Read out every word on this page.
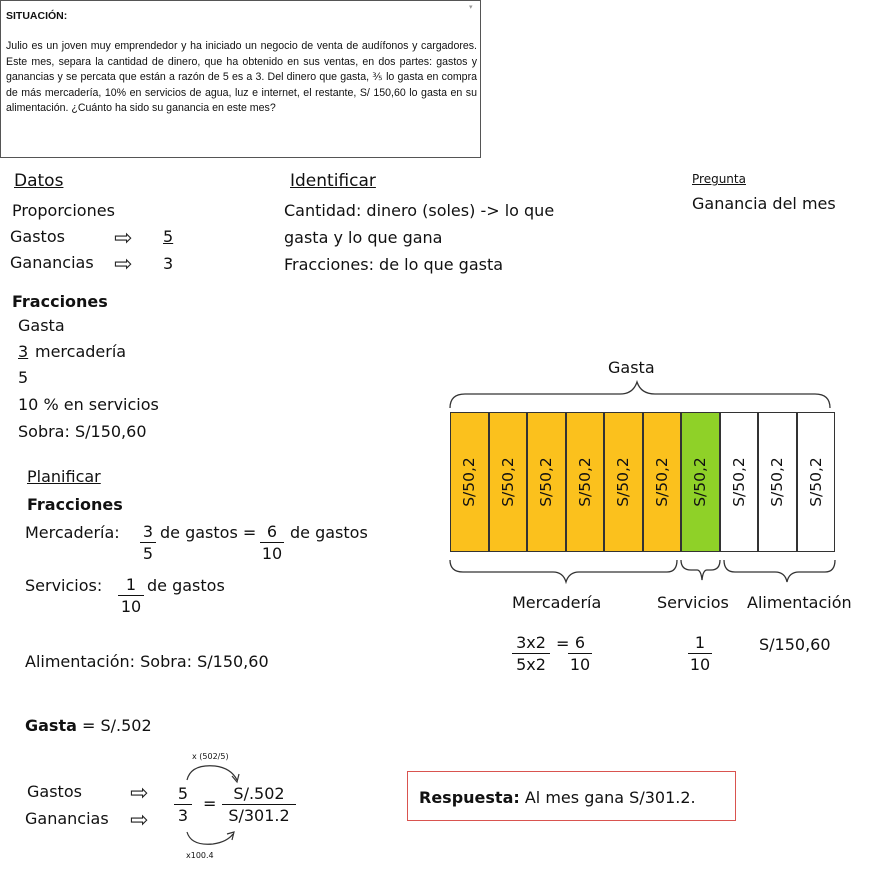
SITUACIÓN:
▾
Julio es un joven muy emprendedor y ha iniciado un negocio de venta de audífonos y cargadores. Este mes, separa la cantidad de dinero, que ha obtenido en sus ventas, en dos partes: gastos y ganancias y se percata que están a razón de 5 es a 3. Del dinero que gasta, ⅗ lo gasta en compra de más mercadería, 10% en servicios de agua, luz e internet, el restante, S/ 150,60 lo gasta en su alimentación. ¿Cuánto ha sido su ganancia en este mes?
Datos
Proporciones
Gastos ⇨ 5
Ganancias ⇨ 3
Identificar
Cantidad: dinero (soles) -> lo que
gasta y lo que gana
Fracciones: de lo que gasta
Pregunta
Ganancia del mes
Fracciones
Gasta
3 mercadería
5
10 % en servicios
Sobra: S/150,60
Planificar
Fracciones
Mercadería: $\frac{3}{5}$ de gastos = $\frac{6}{10}$ de gastos
Servicios: $\frac{1}{10}$ de gastos
Alimentación: Sobra: S/150,60
Gasta
S/50,2 S/50,2 S/50,2 S/50,2 S/50,2 S/50,2 S/50,2 S/50,2 S/50,2 S/50,2
Mercadería	Servicios Alimentación
$\frac{3x2}{5x2}$ =
$\frac{6}{10}$	$\frac{1}{10}$	S/150,60
Gasta = S/.502
x (502/5)
Gastos ⇨
Ganancias ⇨ $\frac{5}{3} = \frac{S/.502}{S/301.2}$
x100.4
Respuesta: Al mes gana S/301.2.
